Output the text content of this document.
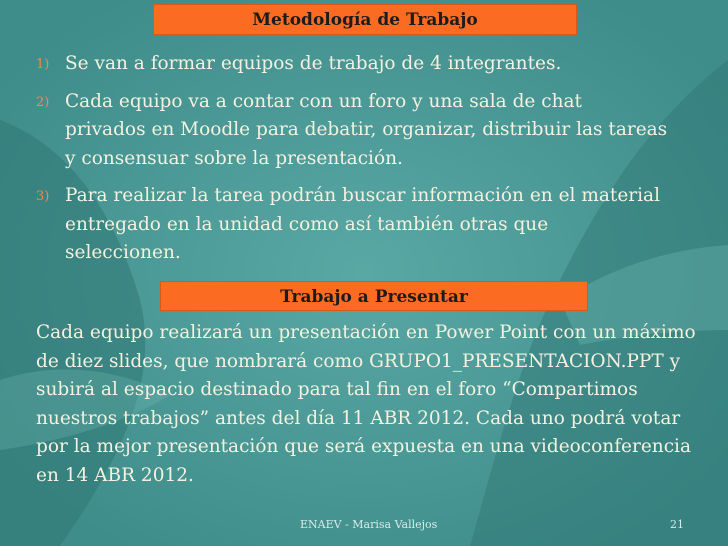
Metodología de Trabajo
1) Se van a formar equipos de trabajo de 4 integrantes.
2) Cada equipo va a contar con un foro y una sala de chat privados en Moodle para debatir, organizar, distribuir las tareas y consensuar sobre la presentación.
3) Para realizar la tarea podrán buscar información en el material entregado en la unidad como así también otras que seleccionen.
Trabajo a Presentar

Cada equipo realizará un presentación en Power Point con un máximo de diez slides, que nombrará como GRUPO1_PRESENTACION.PPT y subirá al espacio destinado para tal fin en el foro “Compartimos nuestros trabajos” antes del día 11 ABR 2012. Cada uno podrá votar por la mejor presentación que será expuesta en una videoconferencia en 14 ABR 2012.

ENAEV - Marisa Vallejos	21
